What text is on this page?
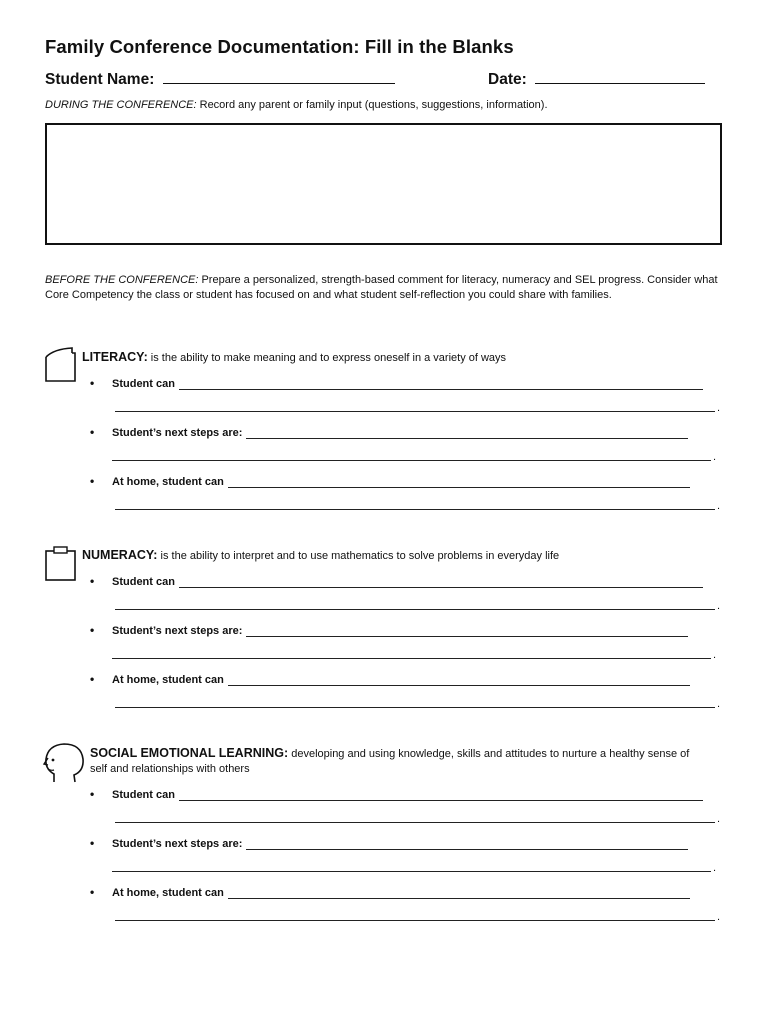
Family Conference Documentation: Fill in the Blanks
Student Name:	Date:
DURING THE CONFERENCE: Record any parent or family input (questions, suggestions, information).
BEFORE THE CONFERENCE: Prepare a personalized, strength-based comment for literacy, numeracy and SEL progress. Consider what Core Competency the class or student has focused on and what student self-reflection you could share with families.
LITERACY: is the ability to make meaning and to express oneself in a variety of ways
•	Student can
.
•	Student’s next steps are:
.
•	At home, student can
.
NUMERACY: is the ability to interpret and to use mathematics to solve problems in everyday life
•	Student can
.
•	Student’s next steps are:
.
•	At home, student can
.
SOCIAL EMOTIONAL LEARNING: developing and using knowledge, skills and attitudes to nurture a healthy sense of self and relationships with others
•	Student can
.
•	Student’s next steps are:
.
•	At home, student can
.
